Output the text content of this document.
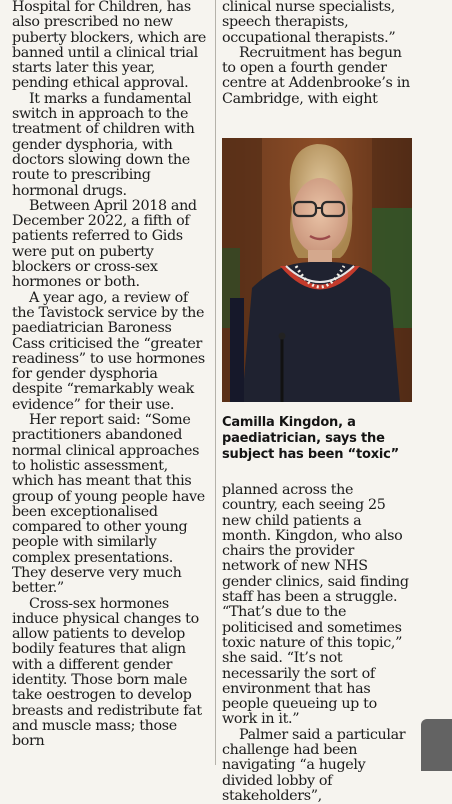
Hospital for Children, has also prescribed no new puberty blockers, which are banned until a clinical trial starts later this year, pending ethical approval.

It marks a fundamental switch in approach to the treatment of children with gender dysphoria, with doctors slowing down the route to prescribing hormonal drugs.

Between April 2018 and December 2022, a fifth of patients referred to Gids were put on puberty blockers or cross-sex hormones or both.

A year ago, a review of the Tavistock service by the paediatrician Baroness Cass criticised the “greater readiness” to use hormones for gender dysphoria despite “remarkably weak evidence” for their use.

Her report said: “Some practitioners abandoned normal clinical approaches to holistic assessment, which has meant that this group of young people have been exceptionalised compared to other young people with similarly complex presentations. They deserve very much better.”

Cross-sex hormones induce physical changes to allow patients to develop bodily features that align with a different gender identity. Those born male take oestrogen to develop breasts and redistribute fat and muscle mass; those born

clinical nurse specialists, speech therapists, occupational therapists.”

Recruitment has begun to open a fourth gender centre at Addenbrooke’s in Cambridge, with eight

Camilla Kingdon, a paediatrician, says the subject has been “toxic”

planned across the country, each seeing 25 new child patients a month. Kingdon, who also chairs the provider network of new NHS gender clinics, said finding staff has been a struggle. “That’s due to the politicised and sometimes toxic nature of this topic,” she said. “It’s not necessarily the sort of environment that has people queueing up to work in it.”

Palmer said a particular challenge had been navigating “a hugely divided lobby of stakeholders”,
